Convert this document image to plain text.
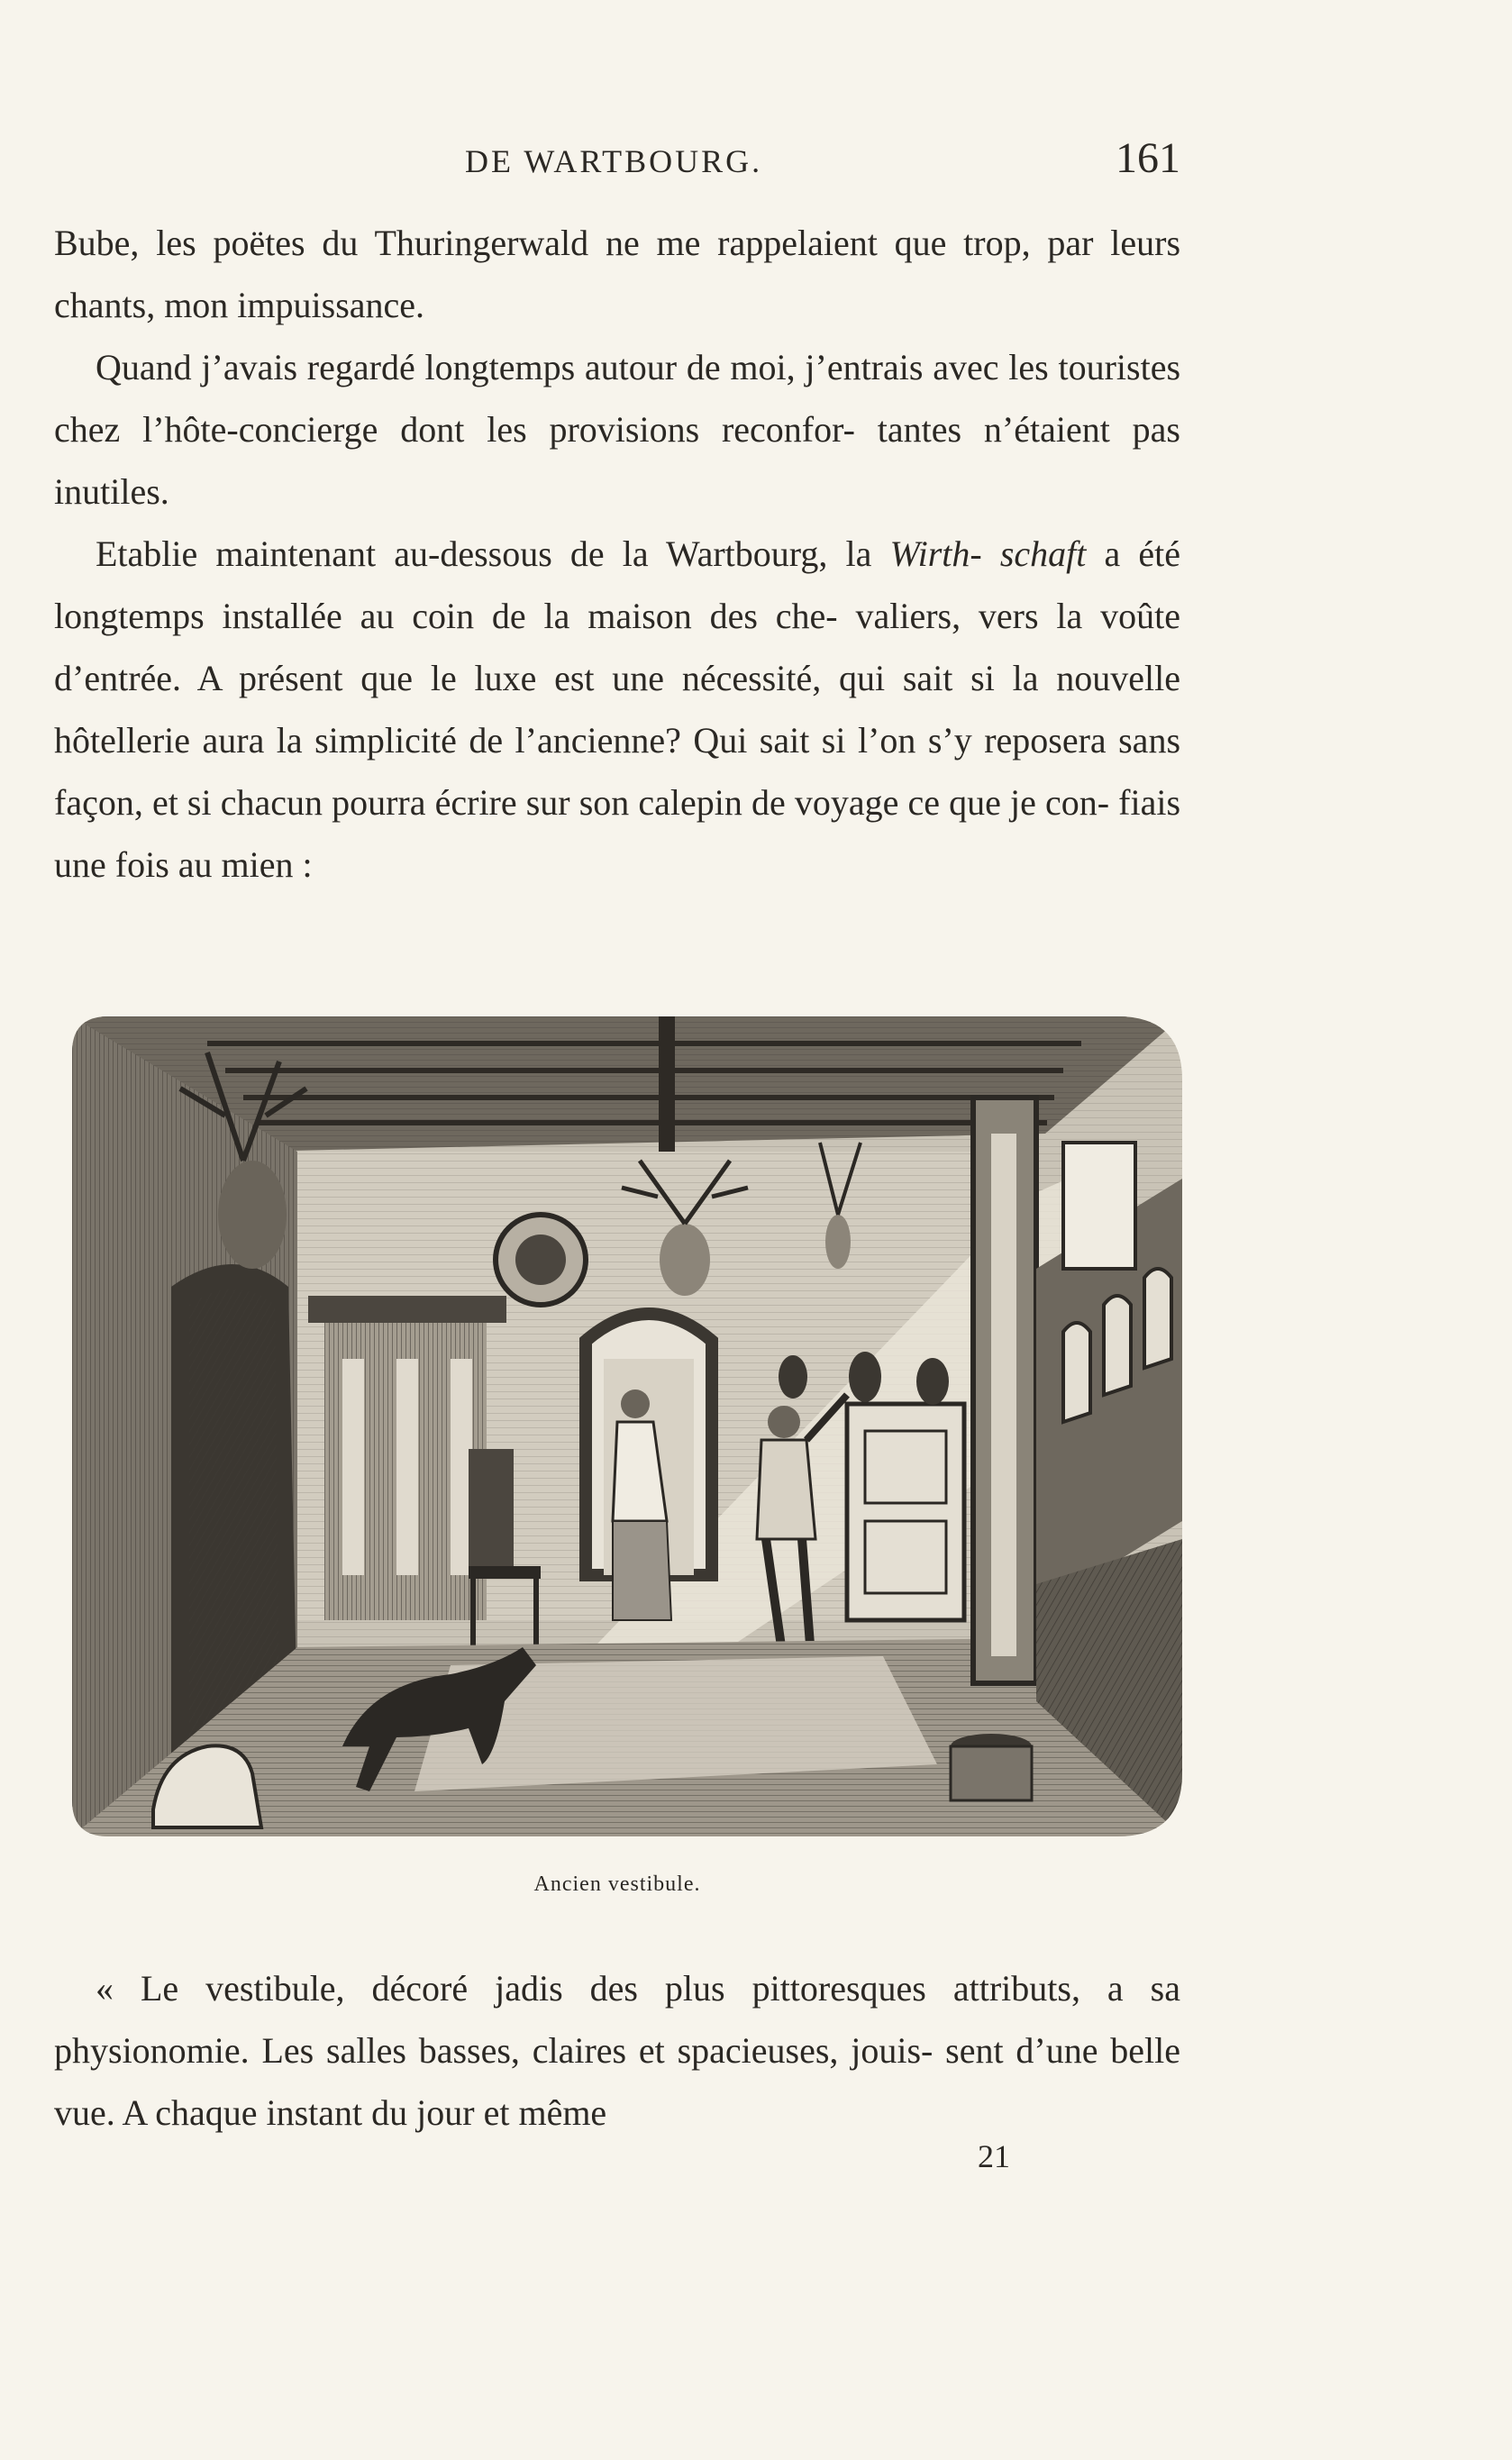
DE WARTBOURG.	161

Bube, les poëtes du Thuringerwald ne me rappelaient que trop, par leurs chants, mon impuissance.

Quand j’avais regardé longtemps autour de moi, j’entrais avec les touristes chez l’hôte-concierge dont les provisions reconfor- tantes n’étaient pas inutiles.

Etablie maintenant au-dessous de la Wartbourg, la Wirth- schaft a été longtemps installée au coin de la maison des che- valiers, vers la voûte d’entrée. A présent que le luxe est une nécessité, qui sait si la nouvelle hôtellerie aura la simplicité de l’ancienne? Qui sait si l’on s’y reposera sans façon, et si chacun pourra écrire sur son calepin de voyage ce que je con- fiais une fois au mien :

Ancien vestibule.

« Le vestibule, décoré jadis des plus pittoresques attributs, a sa physionomie. Les salles basses, claires et spacieuses, jouis- sent d’une belle vue. A chaque instant du jour et même

21
